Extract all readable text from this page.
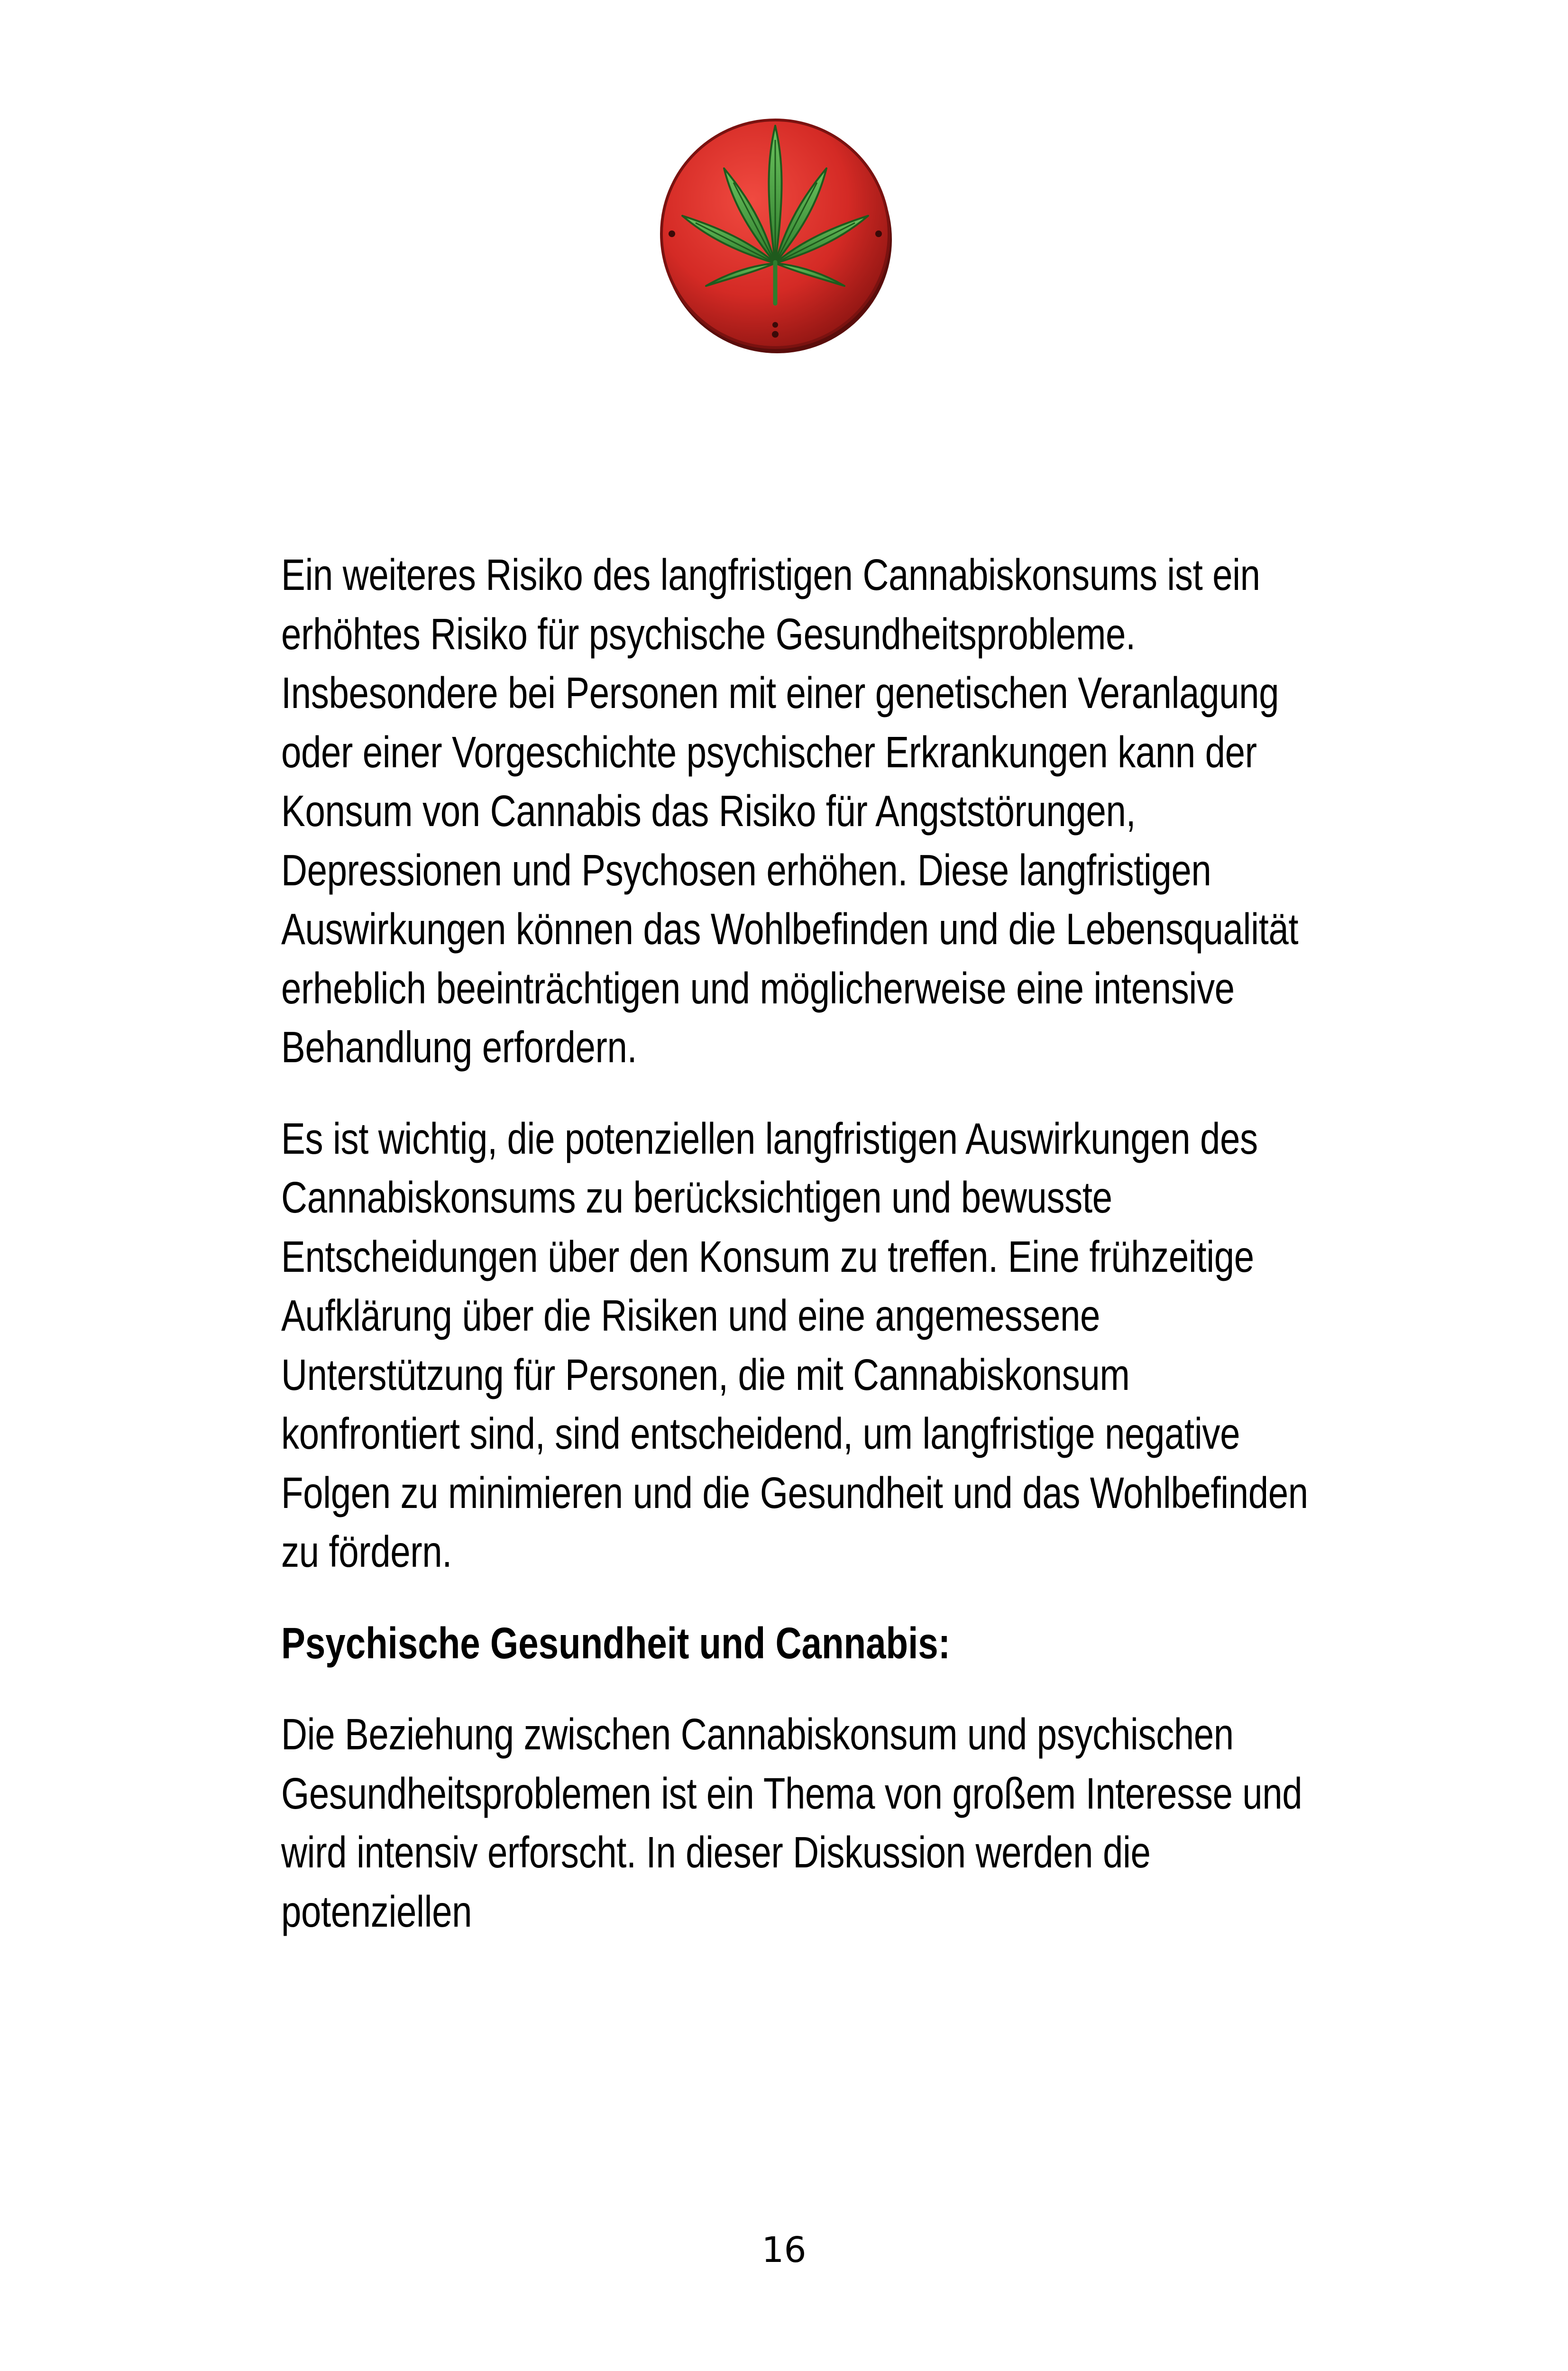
Ein weiteres Risiko des langfristigen Cannabiskonsums ist ein erhöhtes Risiko für psychische Gesundheitsprobleme. Insbesondere bei Personen mit einer genetischen Veranlagung oder einer Vorgeschichte psychischer Erkrankungen kann der Konsum von Cannabis das Risiko für Angststörungen, Depressionen und Psychosen erhöhen. Diese langfristigen Auswirkungen können das Wohlbefinden und die Lebensqualität erheblich beeinträchtigen und möglicherweise eine intensive Behandlung erfordern.

Es ist wichtig, die potenziellen langfristigen Auswirkungen des Cannabiskonsums zu berücksichtigen und bewusste Entscheidungen über den Konsum zu treffen. Eine frühzeitige Aufklärung über die Risiken und eine angemessene Unterstützung für Personen, die mit Cannabiskonsum konfrontiert sind, sind entscheidend, um langfristige negative Folgen zu minimieren und die Gesundheit und das Wohlbefinden zu fördern.

Psychische Gesundheit und Cannabis:

Die Beziehung zwischen Cannabiskonsum und psychischen Gesundheitsproblemen ist ein Thema von großem Interesse und wird intensiv erforscht. In dieser Diskussion werden die potenziellen

16
